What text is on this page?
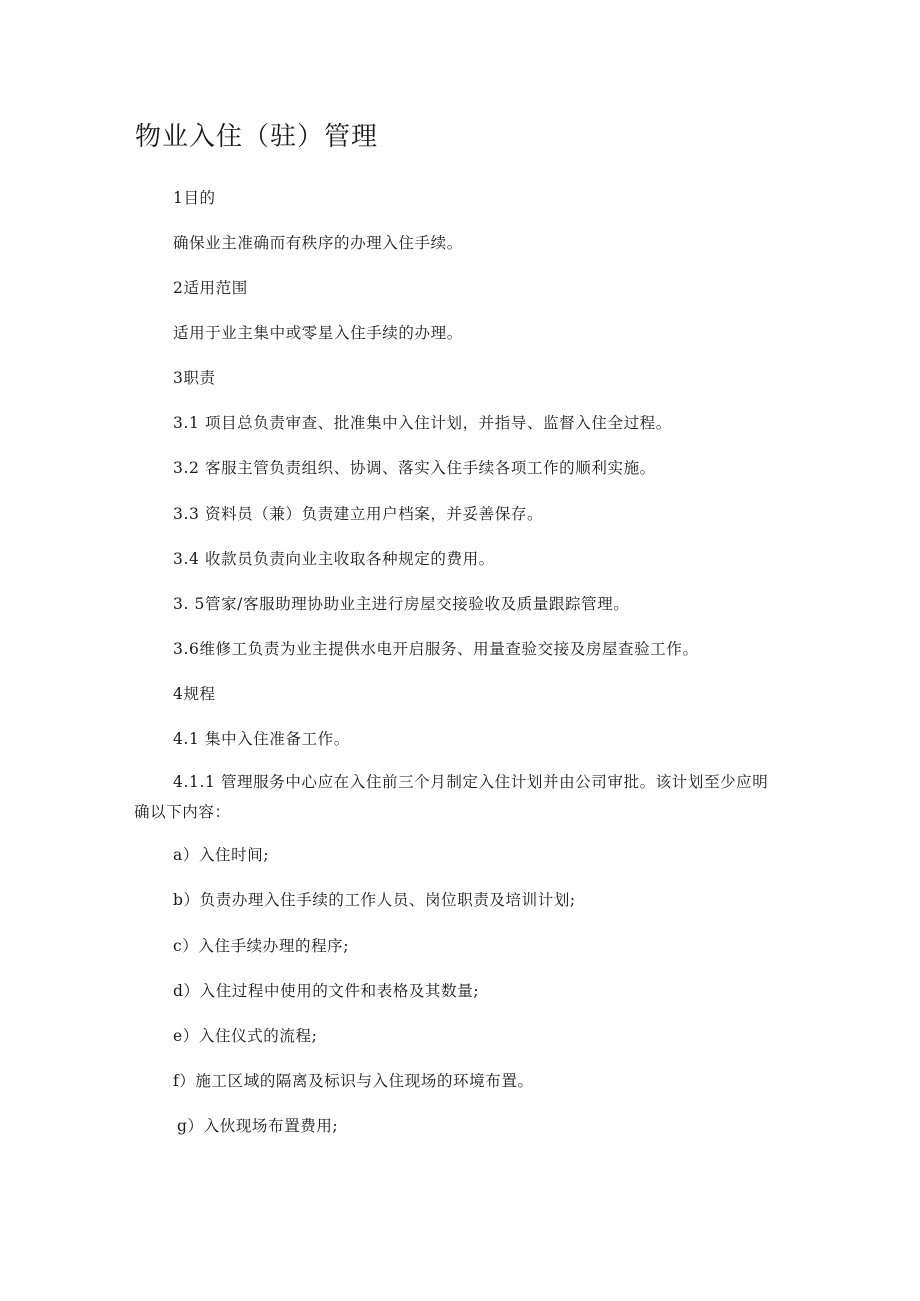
物业入住（驻）管理
1目的
确保业主准确而有秩序的办理入住手续。
2适用范围
适用于业主集中或零星入住手续的办理。
3职责
3.1 项目总负责审查、批准集中入住计划，并指导、监督入住全过程。
3.2 客服主管负责组织、协调、落实入住手续各项工作的顺利实施。
3.3 资料员（兼）负责建立用户档案，并妥善保存。
3.4 收款员负责向业主收取各种规定的费用。
3. 5管家/客服助理协助业主进行房屋交接验收及质量跟踪管理。
3.6维修工负责为业主提供水电开启服务、用量查验交接及房屋查验工作。
4规程
4.1 集中入住准备工作。
4.1.1 管理服务中心应在入住前三个月制定入住计划并由公司审批。该计划至少应明确以下内容：
a）入住时间;
b）负责办理入住手续的工作人员、岗位职责及培训计划;
c）入住手续办理的程序;
d）入住过程中使用的文件和表格及其数量;
e）入住仪式的流程;
f）施工区域的隔离及标识与入住现场的环境布置。
g）入伙现场布置费用;
